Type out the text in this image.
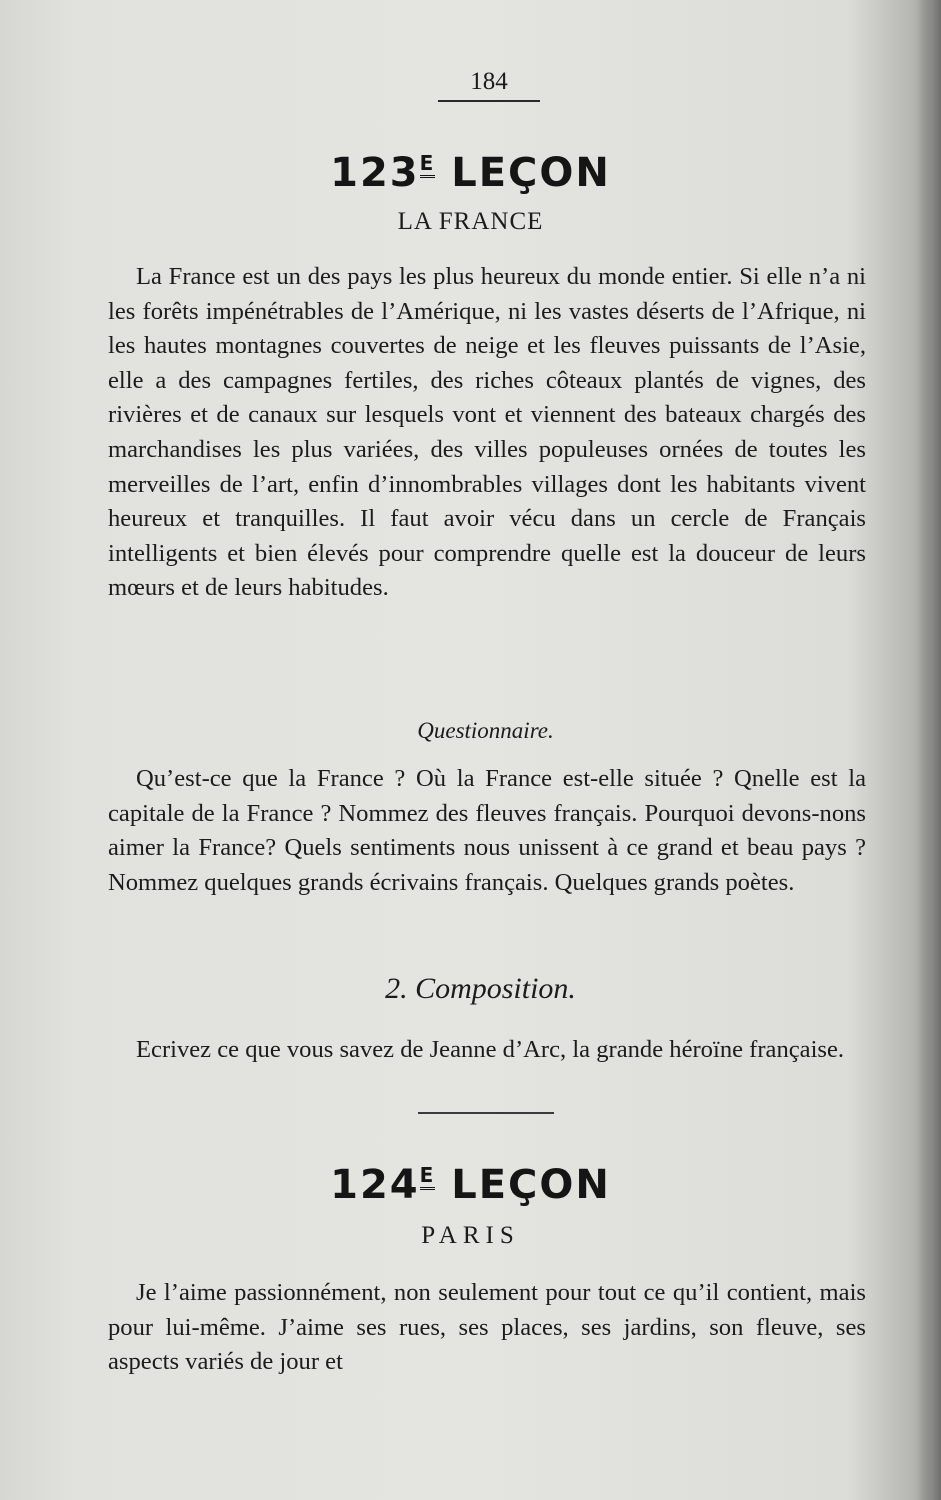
184
$123^E$ LEÇON
LA FRANCE

La France est un des pays les plus heureux du monde entier. Si elle n’a ni les forêts impénétrables de l’Amérique, ni les vastes déserts de l’Afrique, ni les hautes montagnes couvertes de neige et les fleuves puissants de l’Asie, elle a des campagnes fertiles, des riches côteaux plantés de vignes, des rivières et de canaux sur lesquels vont et viennent des bateaux chargés des marchandises les plus variées, des villes populeuses ornées de toutes les merveilles de l’art, enfin d’innombrables villages dont les habitants vivent heureux et tranquilles. Il faut avoir vécu dans un cercle de Français intelligents et bien élevés pour comprendre quelle est la douceur de leurs mœurs et de leurs habitudes.

Questionnaire.

Qu’est-ce que la France ? Où la France est-elle située ? Qnelle est la capitale de la France ? Nommez des fleuves français. Pourquoi devons-nons aimer la France? Quels sentiments nous unissent à ce grand et beau pays ? Nommez quelques grands écrivains français. Quelques grands poètes.

2. Composition.

Ecrivez ce que vous savez de Jeanne d’Arc, la grande héroïne française.

$124^E$ LEÇON
PARIS

Je l’aime passionnément, non seulement pour tout ce qu’il contient, mais pour lui-même. J’aime ses rues, ses places, ses jardins, son fleuve, ses aspects variés de jour et
